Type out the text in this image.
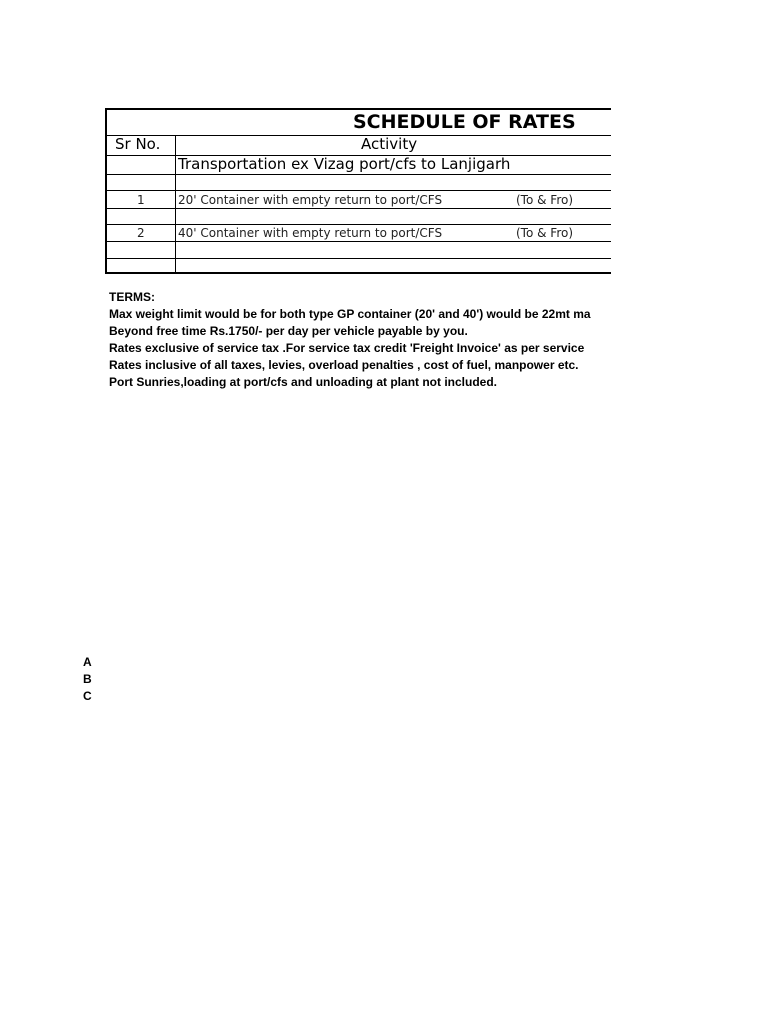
SCHEDULE OF RATES
Sr No.	Activity
Transportation ex Vizag port/cfs to Lanjigarh
1	20' Container with empty return to port/CFS	(To & Fro)
2	40' Container with empty return to port/CFS	(To & Fro)
TERMS:
Max weight limit would be for both type GP container (20' and 40') would be 22mt ma
Beyond free time Rs.1750/- per day per vehicle payable by you.
Rates exclusive of service tax .For service tax credit 'Freight Invoice' as per service
Rates inclusive of all taxes, levies, overload penalties , cost of fuel, manpower etc.
Port Sunries,loading at port/cfs and unloading at plant not included.
A
B
C
